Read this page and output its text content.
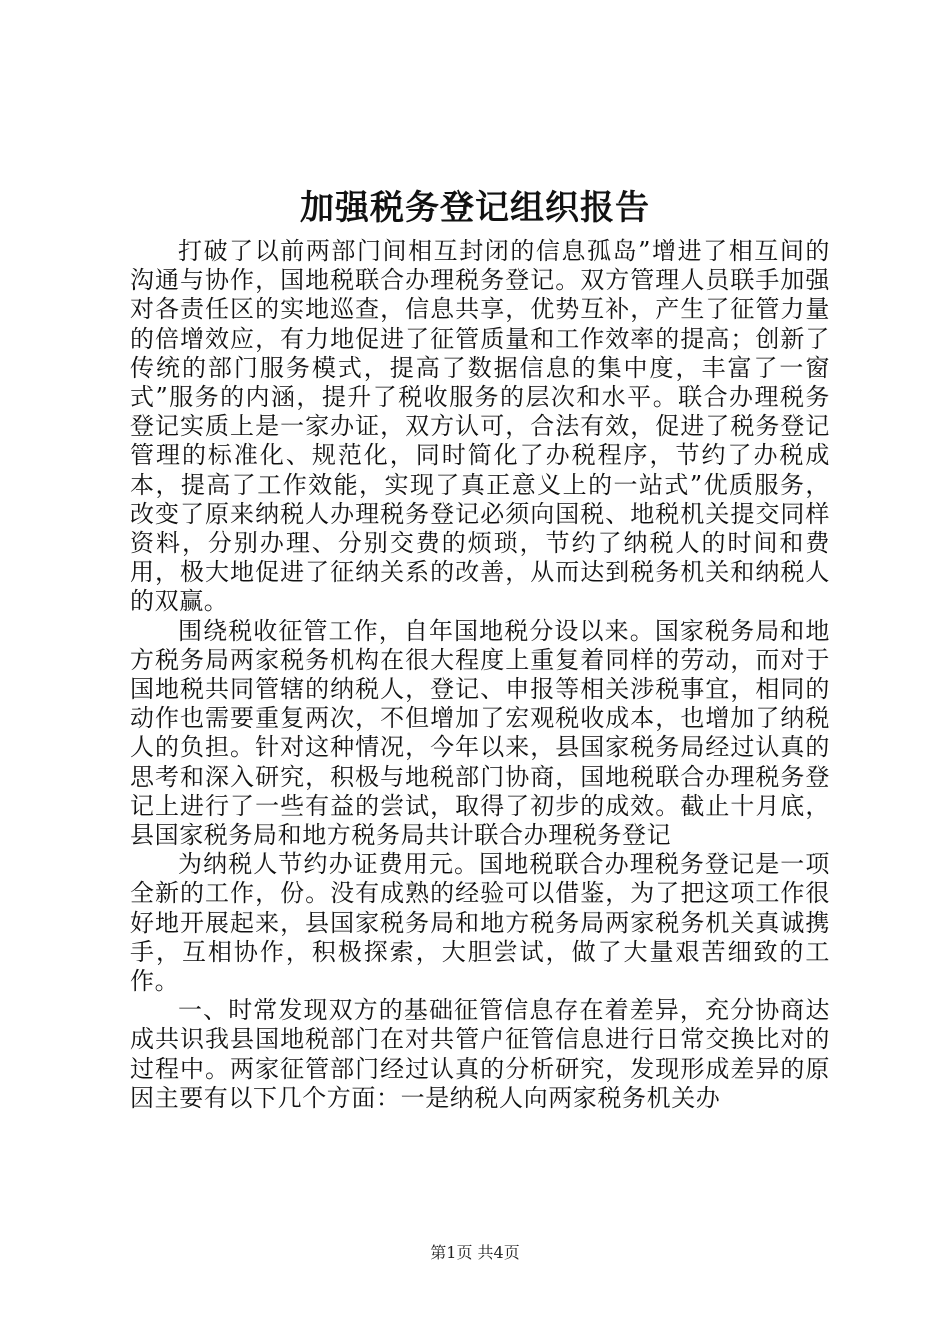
加强税务登记组织报告

打破了以前两部门间相互封闭的信息孤岛”增进了相互间的沟通与协作，国地税联合办理税务登记。双方管理人员联手加强对各责任区的实地巡查，信息共享，优势互补，产生了征管力量的倍增效应，有力地促进了征管质量和工作效率的提高；创新了传统的部门服务模式，提高了数据信息的集中度，丰富了一窗式”服务的内涵，提升了税收服务的层次和水平。联合办理税务登记实质上是一家办证，双方认可，合法有效，促进了税务登记管理的标准化、规范化，同时简化了办税程序，节约了办税成本，提高了工作效能，实现了真正意义上的一站式”优质服务，改变了原来纳税人办理税务登记必须向国税、地税机关提交同样资料，分别办理、分别交费的烦琐，节约了纳税人的时间和费用，极大地促进了征纳关系的改善，从而达到税务机关和纳税人的双赢。

围绕税收征管工作，自年国地税分设以来。国家税务局和地方税务局两家税务机构在很大程度上重复着同样的劳动，而对于国地税共同管辖的纳税人，登记、申报等相关涉税事宜，相同的动作也需要重复两次，不但增加了宏观税收成本，也增加了纳税人的负担。针对这种情况，今年以来，县国家税务局经过认真的思考和深入研究，积极与地税部门协商，国地税联合办理税务登记上进行了一些有益的尝试，取得了初步的成效。截止十月底，县国家税务局和地方税务局共计联合办理税务登记

为纳税人节约办证费用元。国地税联合办理税务登记是一项全新的工作，份。没有成熟的经验可以借鉴，为了把这项工作很好地开展起来，县国家税务局和地方税务局两家税务机关真诚携手，互相协作，积极探索，大胆尝试，做了大量艰苦细致的工作。

一、时常发现双方的基础征管信息存在着差异，充分协商达成共识我县国地税部门在对共管户征管信息进行日常交换比对的过程中。两家征管部门经过认真的分析研究，发现形成差异的原因主要有以下几个方面：一是纳税人向两家税务机关办

第1页 共4页
